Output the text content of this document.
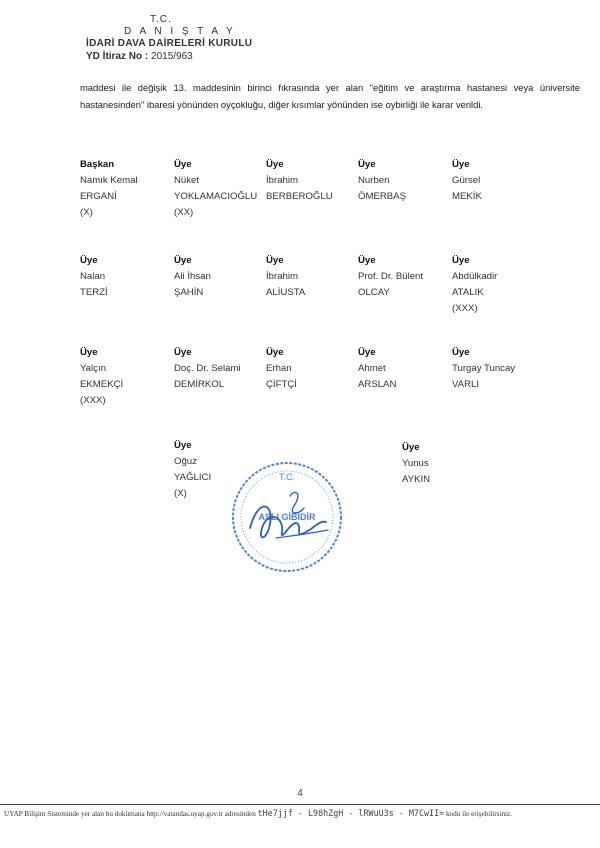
T.C.
D A N I Ş T A Y
İDARİ DAVA DAİRELERİ KURULU
YD İtiraz No : 2015/963
maddesi ile değişik 13. maddesinin birinci fıkrasında yer alan "eğitim ve araştırma hastanesi veya üniversite hastanesinden" ibaresi yönünden oyçokluğu, diğer kısımlar yönünden ise oybirliği ile karar verildi.
Başkan
Namık Kemal
ERGANİ
(X)
Üye
Nüket
YOKLAMACIOĞLU
(XX)
Üye
İbrahim
BERBEROĞLU
Üye
Nurben
ÖMERBAŞ
Üye
Gürsel
MEKİK
Üye
Nalan
TERZİ
Üye
Ali İhsan
ŞAHİN
Üye
İbrahim
ALİUSTA
Üye
Prof. Dr. Bülent
OLCAY
Üye
Abdülkadir
ATALIK
(XXX)
Üye
Yalçın
EKMEKÇİ
(XXX)
Üye
Doç. Dr. Selami
DEMİRKOL
Üye
Erhan
ÇİFTÇİ
Üye
Ahmet
ARSLAN
Üye
Turgay Tuncay
VARLI
Üye
Oğuz
YAĞLICI
(X)
Üye
Yunus
AYKIN
T.C.
ASLI GİBİDİR
4
UYAP Bilişim Sisteminde yer alan bu dokümana http://vatandas.uyap.gov.tr adresinden tHe7jjf - L98hZgH - lRWuU3s - M7CwII= kodu ile erişebilirsiniz.
